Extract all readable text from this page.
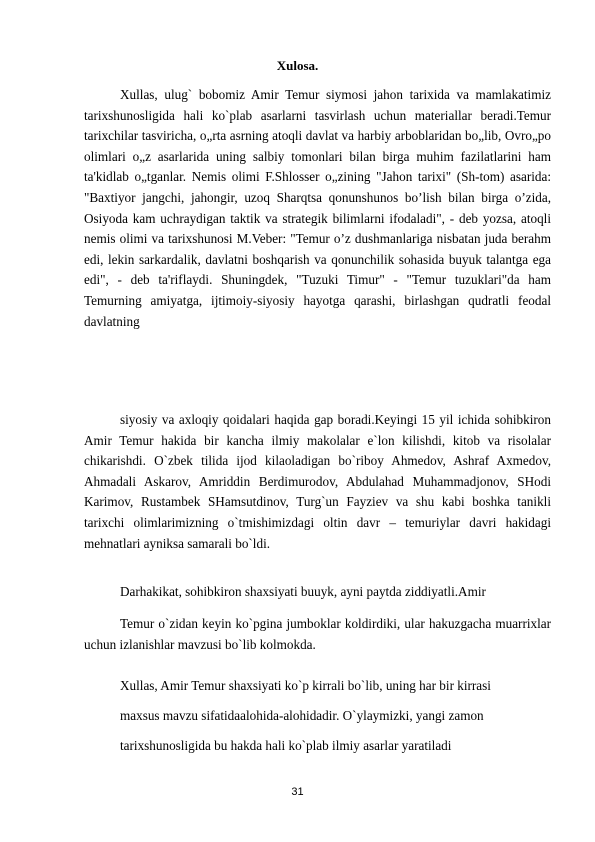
Xulosa.
Xullas, ulug` bobomiz Amir Temur siymosi jahon tarixida va mamlakatimiz tarixshunosligida hali ko`plab asarlarni tasvirlash uchun materiallar beradi.Temur tarixchilar tasviricha, o„rta asrning atoqli davlat va harbiy arboblaridan bo„lib, Ovro„po olimlari o„z asarlarida uning salbiy tomonlari bilan birga muhim fazilatlarini ham ta'kidlab o„tganlar. Nemis olimi F.Shlosser o„zining "Jahon tarixi" (Sh-tom) asarida: "Baxtiyor jangchi, jahongir, uzoq Sharqtsa qonunshunos bo’lish bilan birga o’zida, Osiyoda kam uchraydigan taktik va strategik bilimlarni ifodaladi", - deb yozsa, atoqli nemis olimi va tarixshunosi M.Veber: "Temur o’z dushmanlariga nisbatan juda berahm edi, lekin sarkardalik, davlatni boshqarish va qonunchilik sohasida buyuk talantga ega edi", - deb ta'riflaydi. Shuningdek, "Tuzuki Timur" - "Temur tuzuklari"da ham Temurning amiyatga, ijtimoiy-siyosiy hayotga qarashi, birlashgan qudratli feodal davlatning
siyosiy va axloqiy qoidalari haqida gap boradi.Keyingi 15 yil ichida sohibkiron Amir Temur hakida bir kancha ilmiy makolalar e`lon kilishdi, kitob va risolalar chikarishdi. O`zbek tilida ijod kilaoladigan bo`riboy Ahmedov, Ashraf Axmedov, Ahmadali Askarov, Amriddin Berdimurodov, Abdulahad Muhammadjonov, SHodi Karimov, Rustambek SHamsutdinov, Turg`un Fayziev va shu kabi boshka tanikli tarixchi olimlarimizning o`tmishimizdagi oltin davr – temuriylar davri hakidagi mehnatlari ayniksa samarali bo`ldi.
Darhakikat, sohibkiron shaxsiyati buuyk, ayni paytda ziddiyatli.Amir
Temur o`zidan keyin ko`pgina jumboklar koldirdiki, ular hakuzgacha muarrixlar uchun izlanishlar mavzusi bo`lib kolmokda.
Xullas, Amir Temur shaxsiyati ko`p kirrali bo`lib, uning har bir kirrasi
maxsus mavzu sifatidaalohida-alohidadir. O`ylaymizki, yangi zamon
tarixshunosligida bu hakda hali ko`plab ilmiy asarlar yaratiladi
31
